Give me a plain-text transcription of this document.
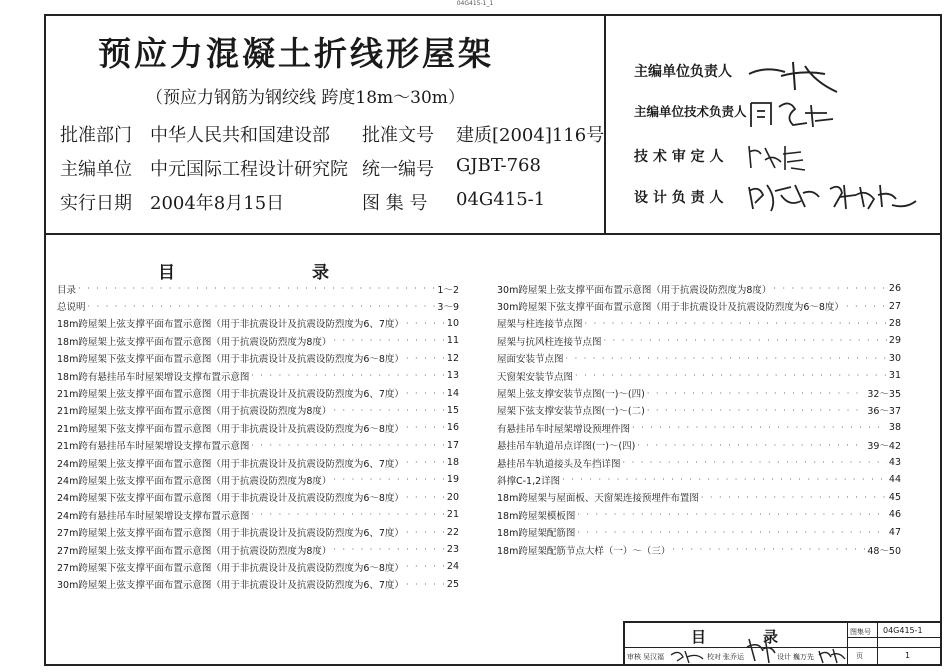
04G415-1_1
预应力混凝土折线形屋架
（预应力钢筋为钢绞线 跨度18m～30m）
批准部门 中华人民共和国建设部 批准文号 建质[2004]116号
主编单位 中元国际工程设计研究院 统一编号 GJBT-768
实行日期 2004年8月15日	图 集 号 04G415-1
主编单位负责人
主编单位技术负责人
技 术 审 定 人
设 计 负 责 人
目	录
目录 · · ·	1～2
总说明 · · ·	3～9
18m跨屋架上弦支撑平面布置示意图（用于非抗震设计及抗震设防烈度为6、7度） · · ·	10
18m跨屋架上弦支撑平面布置示意图（用于抗震设防烈度为8度） · · ·	11
18m跨屋架下弦支撑平面布置示意图（用于非抗震设计及抗震设防烈度为6～8度） · · ·	12
18m跨有悬挂吊车时屋架增设支撑布置示意图 · · ·	13
21m跨屋架上弦支撑平面布置示意图（用于非抗震设计及抗震设防烈度为6、7度） · · ·	14
21m跨屋架上弦支撑平面布置示意图（用于抗震设防烈度为8度） · · ·	15
21m跨屋架下弦支撑平面布置示意图（用于非抗震设计及抗震设防烈度为6～8度） · · ·	16
21m跨有悬挂吊车时屋架增设支撑布置示意图 · · ·	17
24m跨屋架上弦支撑平面布置示意图（用于非抗震设计及抗震设防烈度为6、7度） · · ·	18
24m跨屋架上弦支撑平面布置示意图（用于抗震设防烈度为8度） · · ·	19
24m跨屋架下弦支撑平面布置示意图（用于非抗震设计及抗震设防烈度为6～8度） · · ·	20
24m跨有悬挂吊车时屋架增设支撑布置示意图 · · ·	21
27m跨屋架上弦支撑平面布置示意图（用于非抗震设计及抗震设防烈度为6、7度） · · ·	22
27m跨屋架上弦支撑平面布置示意图（用于抗震设防烈度为8度） · · ·	23
27m跨屋架下弦支撑平面布置示意图（用于非抗震设计及抗震设防烈度为6～8度） · · ·	24
30m跨屋架上弦支撑平面布置示意图（用于非抗震设计及抗震设防烈度为6、7度） · · ·	25
30m跨屋架上弦支撑平面布置示意图（用于抗震设防烈度为8度） · · ·	26
30m跨屋架下弦支撑平面布置示意图（用于非抗震设计及抗震设防烈度为6～8度） · · ·	27
屋架与柱连接节点图 · · ·	28
屋架与抗风柱连接节点图 · · ·	29
屋面安装节点图 · · ·	30
天窗架安装节点图 · · ·	31
屋架上弦支撑安装节点图(一)～(四) · · ·	32～35
屋架下弦支撑安装节点图(一)～(二) · · ·	36～37
有悬挂吊车时屋架增设预埋件图 · · ·	38
悬挂吊车轨道吊点详图(一)～(四) · · ·	39～42
悬挂吊车轨道接头及车挡详图 · · ·	43
斜撑C-1,2详图 · · ·	44
18m跨屋架与屋面板、天窗架连接预埋件布置图 · · ·	45
18m跨屋架模板图 · · ·	46
18m跨屋架配筋图 · · ·	47
18m跨屋架配筋节点大样（一）～（三） · · ·	48～50
目	录	图集号 04G415-1
页	1
审核 吴汉福	校对 张乔运	设计 巍万先
